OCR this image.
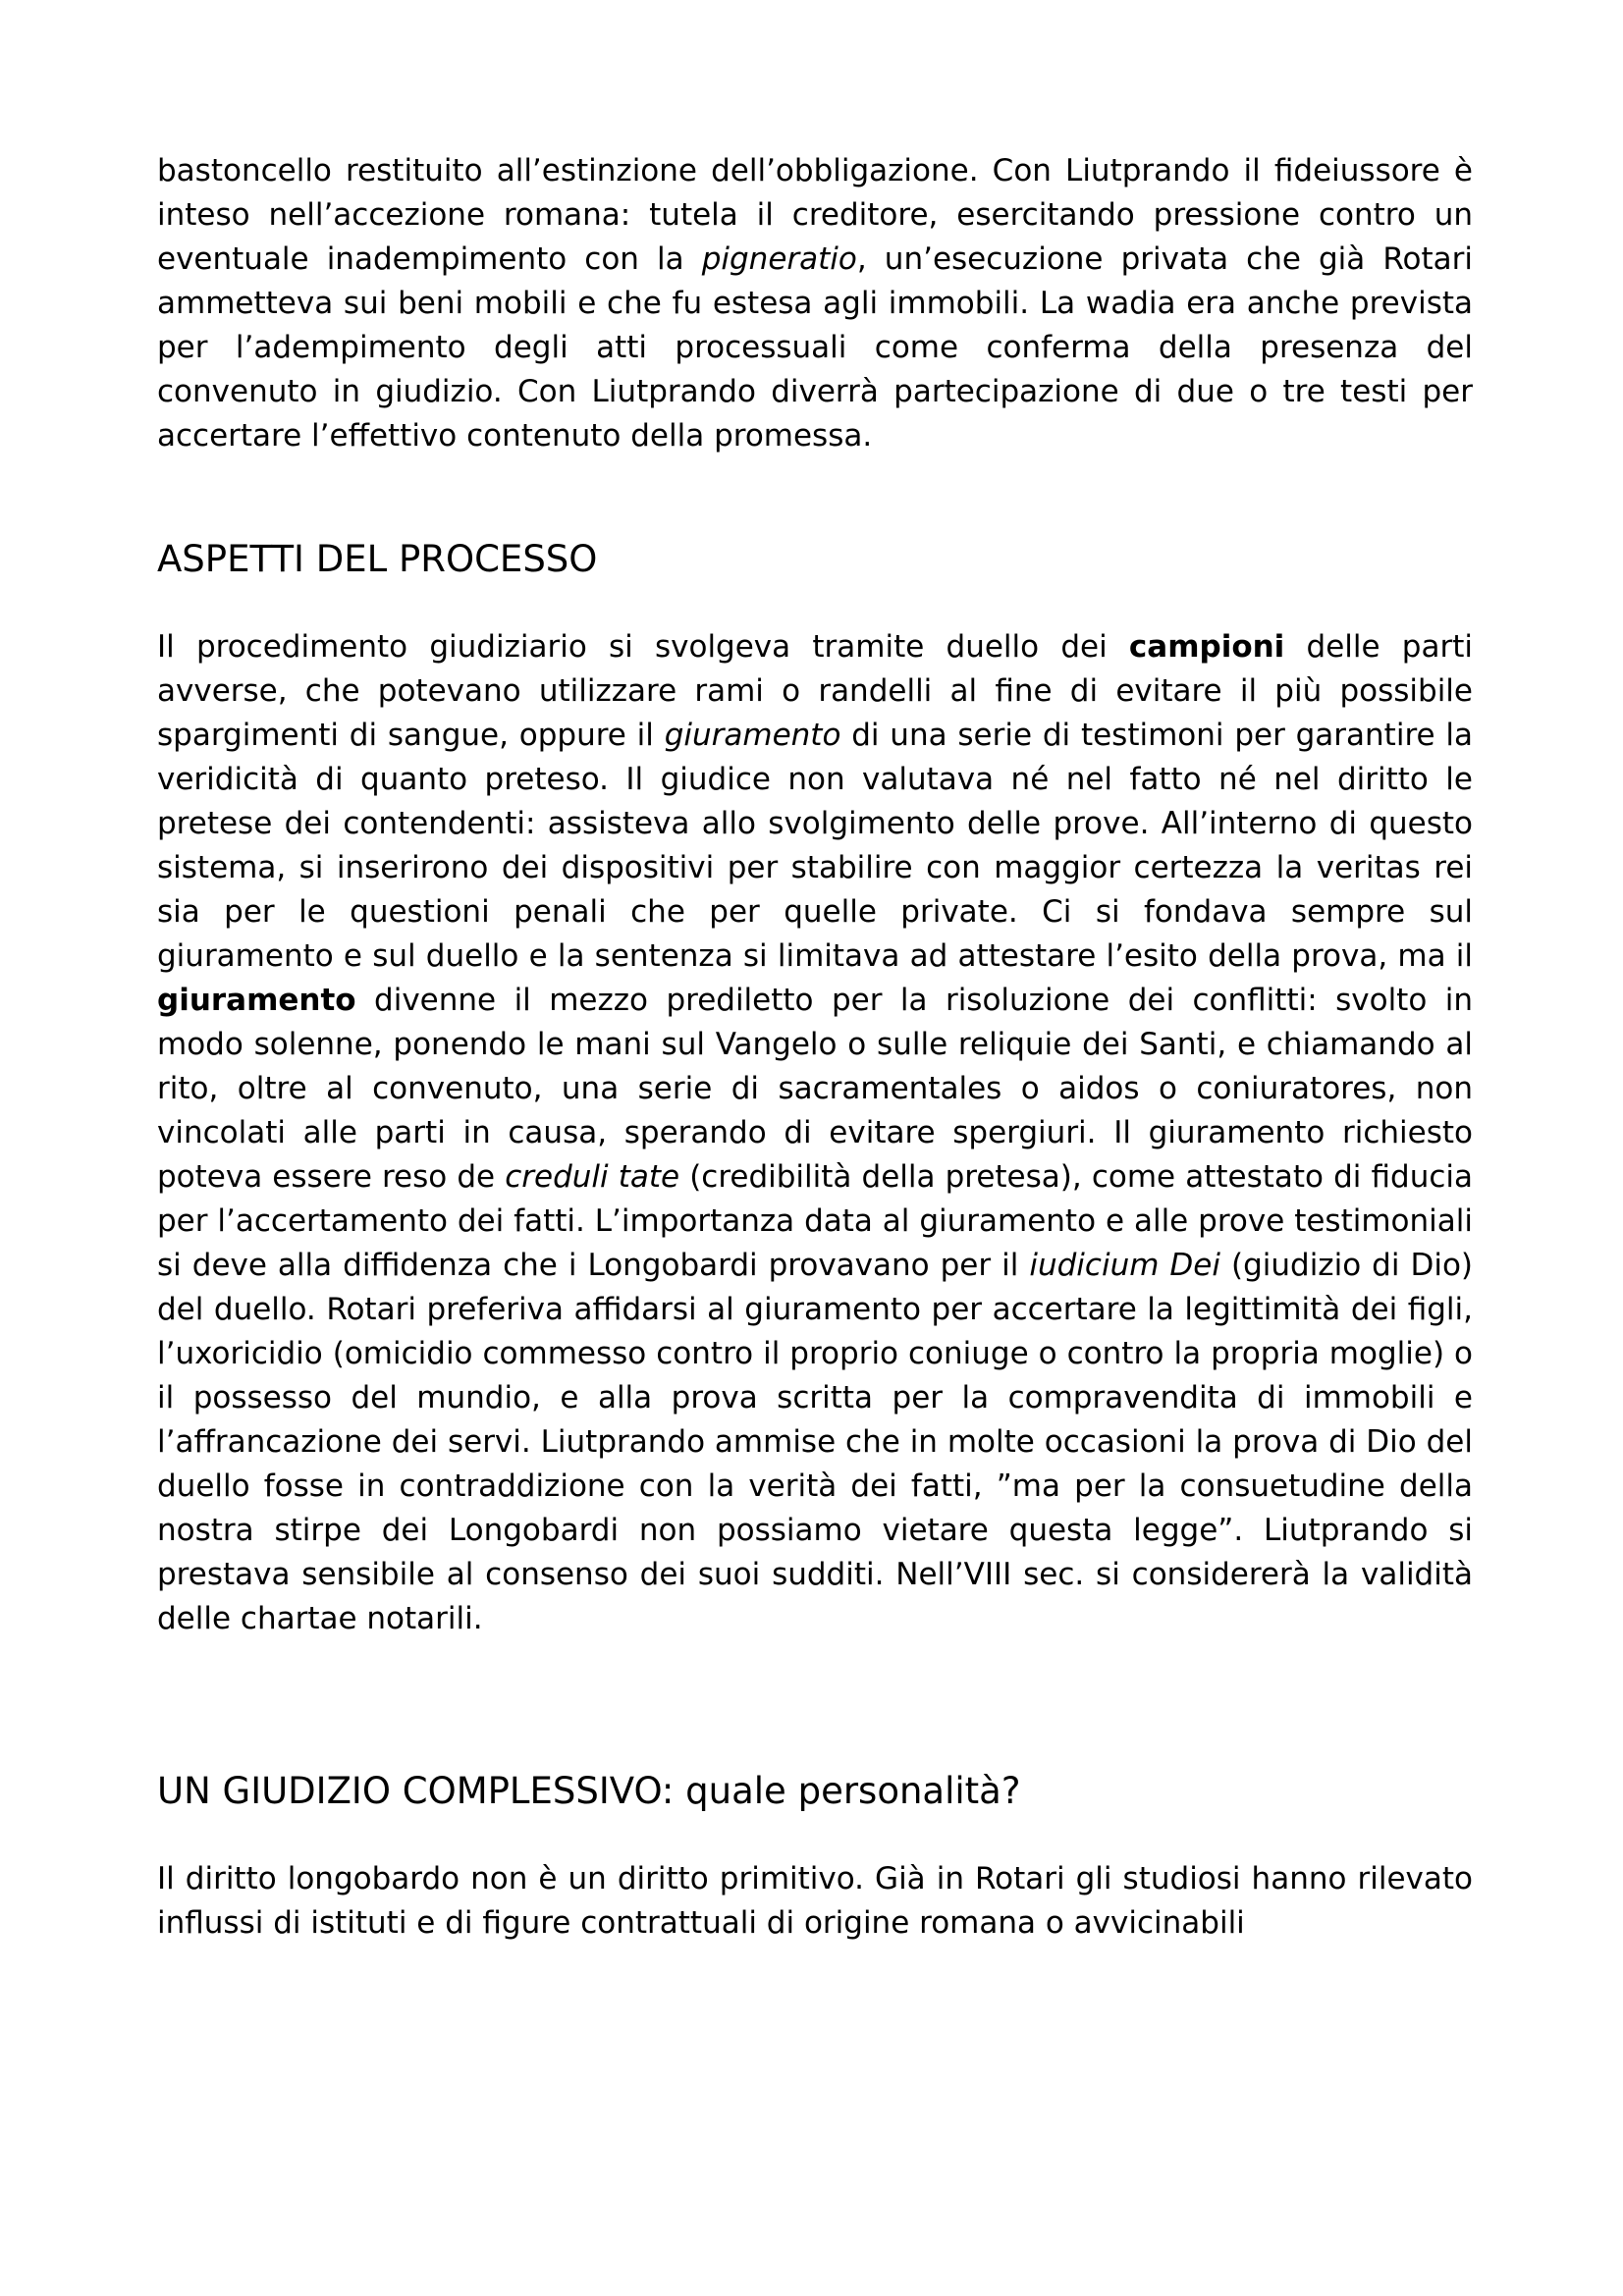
bastoncello restituito all’estinzione dell’obbligazione. Con Liutprando il fideiussore è inteso nell’accezione romana: tutela il creditore, esercitando pressione contro un eventuale inadempimento con la pigneratio, un’esecuzione privata che già Rotari ammetteva sui beni mobili e che fu estesa agli immobili. La wadia era anche prevista per l’adempimento degli atti processuali come conferma della presenza del convenuto in giudizio. Con Liutprando diverrà partecipazione di due o tre testi per accertare l’effettivo contenuto della promessa.

ASPETTI DEL PROCESSO

Il procedimento giudiziario si svolgeva tramite duello dei campioni delle parti avverse, che potevano utilizzare rami o randelli al fine di evitare il più possibile spargimenti di sangue, oppure il giuramento di una serie di testimoni per garantire la veridicità di quanto preteso. Il giudice non valutava né nel fatto né nel diritto le pretese dei contendenti: assisteva allo svolgimento delle prove. All’interno di questo sistema, si inserirono dei dispositivi per stabilire con maggior certezza la veritas rei sia per le questioni penali che per quelle private. Ci si fondava sempre sul giuramento e sul duello e la sentenza si limitava ad attestare l’esito della prova, ma il giuramento divenne il mezzo prediletto per la risoluzione dei conflitti: svolto in modo solenne, ponendo le mani sul Vangelo o sulle reliquie dei Santi, e chiamando al rito, oltre al convenuto, una serie di sacramentales o aidos o coniuratores, non vincolati alle parti in causa, sperando di evitare spergiuri. Il giuramento richiesto poteva essere reso de creduli tate (credibilità della pretesa), come attestato di fiducia per l’accertamento dei fatti. L’importanza data al giuramento e alle prove testimoniali si deve alla diffidenza che i Longobardi provavano per il iudicium Dei (giudizio di Dio) del duello. Rotari preferiva affidarsi al giuramento per accertare la legittimità dei figli, l’uxoricidio (omicidio commesso contro il proprio coniuge o contro la propria moglie) o il possesso del mundio, e alla prova scritta per la compravendita di immobili e l’affrancazione dei servi. Liutprando ammise che in molte occasioni la prova di Dio del duello fosse in contraddizione con la verità dei fatti, ”ma per la consuetudine della nostra stirpe dei Longobardi non possiamo vietare questa legge”. Liutprando si prestava sensibile al consenso dei suoi sudditi. Nell’VIII sec. si considererà la validità delle chartae notarili.

UN GIUDIZIO COMPLESSIVO: quale personalità?

Il diritto longobardo non è un diritto primitivo. Già in Rotari gli studiosi hanno rilevato influssi di istituti e di figure contrattuali di origine romana o avvicinabili
